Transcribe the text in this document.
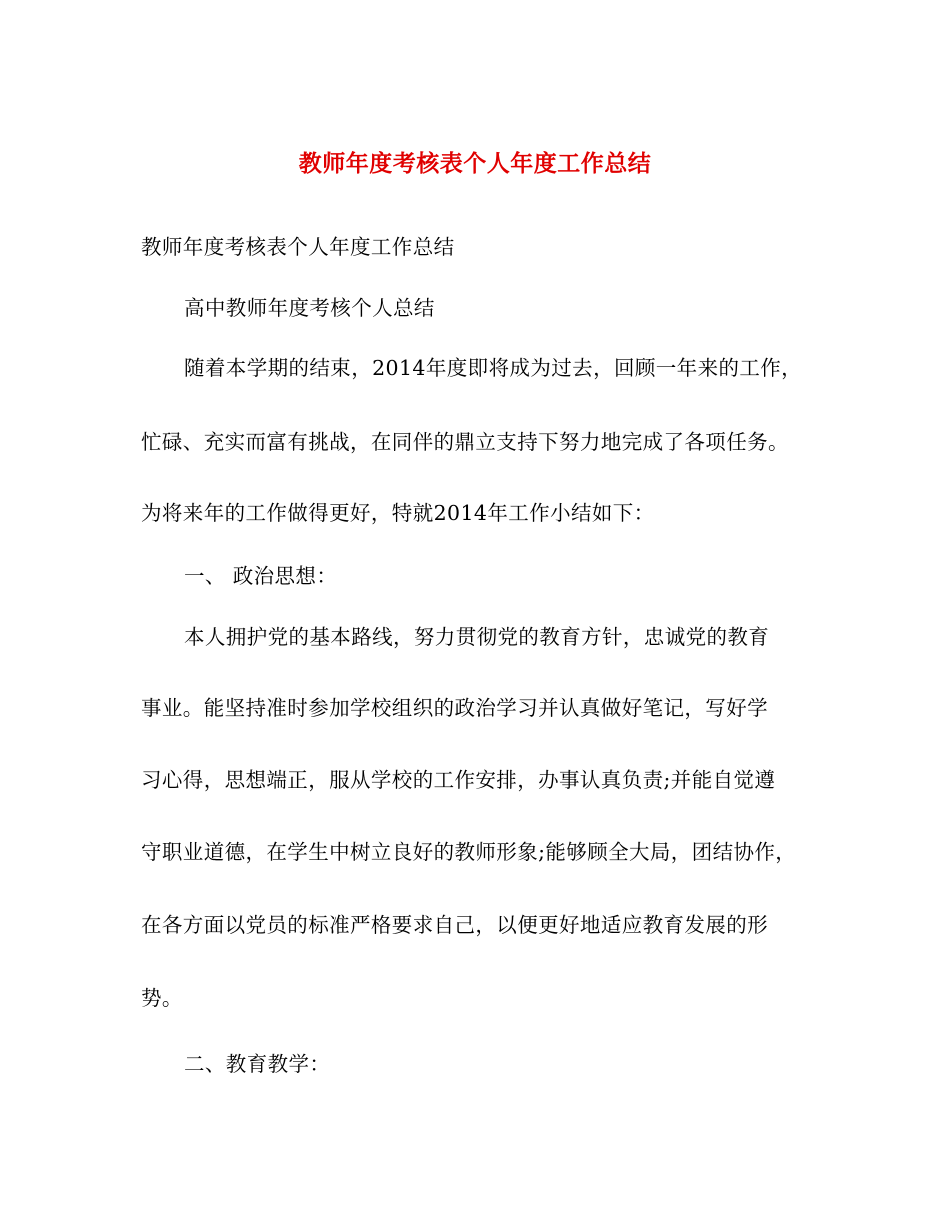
教师年度考核表个人年度工作总结
教师年度考核表个人年度工作总结
高中教师年度考核个人总结
随着本学期的结束，2014年度即将成为过去，回顾一年来的工作，
忙碌、充实而富有挑战，在同伴的鼎立支持下努力地完成了各项任务。
为将来年的工作做得更好，特就2014年工作小结如下：
一、 政治思想：
本人拥护党的基本路线，努力贯彻党的教育方针，忠诚党的教育
事业。能坚持准时参加学校组织的政治学习并认真做好笔记，写好学
习心得，思想端正，服从学校的工作安排，办事认真负责;并能自觉遵
守职业道德，在学生中树立良好的教师形象;能够顾全大局，团结协作，
在各方面以党员的标准严格要求自己，以便更好地适应教育发展的形
势。
二、教育教学：
